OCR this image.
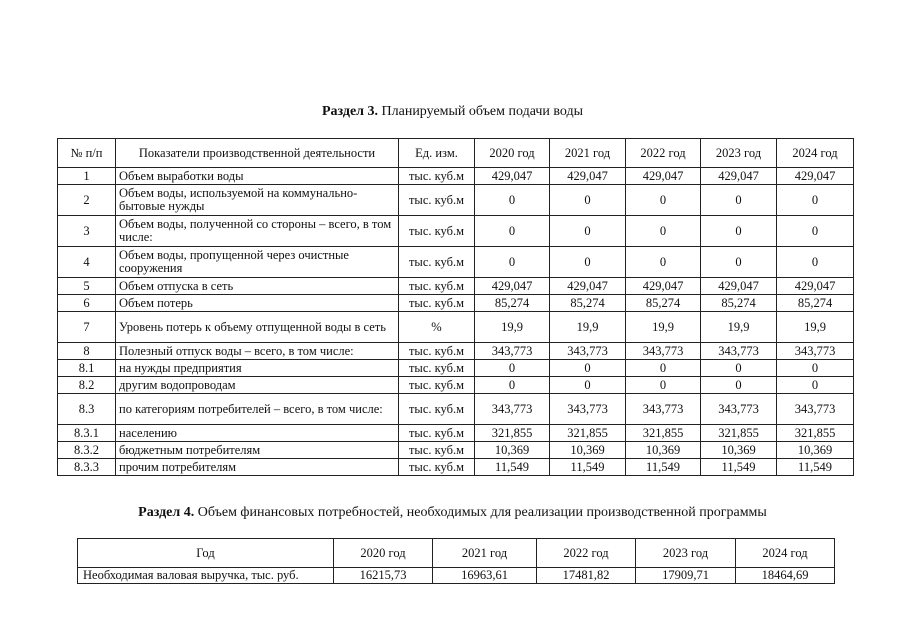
Раздел 3. Планируемый объем подачи воды
№ п/п	Показатели производственной деятельности	Ед. изм.	2020 год	2021 год	2022 год	2023 год	2024 год
1	Объем выработки воды	тыс. куб.м	429,047	429,047	429,047	429,047	429,047
2	Объем воды, используемой на коммунально-бытовые нужды	тыс. куб.м	0	0	0	0	0
3	Объем воды, полученной со стороны – всего, в том числе:	тыс. куб.м	0	0	0	0	0
4	Объем воды, пропущенной через очистные сооружения	тыс. куб.м	0	0	0	0	0
5	Объем отпуска в сеть	тыс. куб.м	429,047	429,047	429,047	429,047	429,047
6	Объем потерь	тыс. куб.м	85,274	85,274	85,274	85,274	85,274
7	Уровень потерь к объему отпущенной воды в сеть	%	19,9	19,9	19,9	19,9	19,9
8	Полезный отпуск воды – всего, в том числе:	тыс. куб.м	343,773	343,773	343,773	343,773	343,773
8.1	на нужды предприятия	тыс. куб.м	0	0	0	0	0
8.2	другим водопроводам	тыс. куб.м	0	0	0	0	0
8.3	по категориям потребителей – всего, в том числе:	тыс. куб.м	343,773	343,773	343,773	343,773	343,773
8.3.1	населению	тыс. куб.м	321,855	321,855	321,855	321,855	321,855
8.3.2	бюджетным потребителям	тыс. куб.м	10,369	10,369	10,369	10,369	10,369
8.3.3	прочим потребителям	тыс. куб.м	11,549	11,549	11,549	11,549	11,549
Раздел 4. Объем финансовых потребностей, необходимых для реализации производственной программы
Год	2020 год	2021 год	2022 год	2023 год	2024 год
Необходимая валовая выручка, тыс. руб.	16215,73	16963,61	17481,82	17909,71	18464,69
